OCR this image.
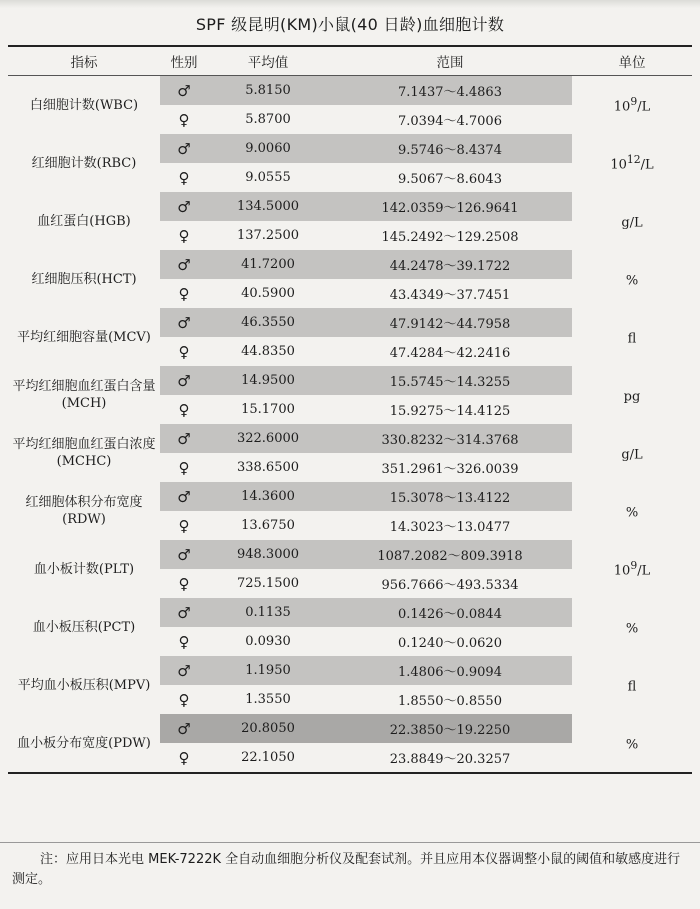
SPF 级昆明(KM)小鼠(40 日龄)血细胞计数
指标	性别	平均值	范围	单位
白细胞计数(WBC)	♂	5.8150	7.1437～4.4863	$10^9/L$
	♀	5.8700	7.0394～4.7006	
红细胞计数(RBC)	♂	9.0060	9.5746～8.4374	$10^{12}/L$
	♀	9.0555	9.5067～8.6043	
血红蛋白(HGB)	♂	134.5000	142.0359～126.9641	g/L
	♀	137.2500	145.2492～129.2508	
红细胞压积(HCT)	♂	41.7200	44.2478～39.1722	%
	♀	40.5900	43.4349～37.7451	
平均红细胞容量(MCV)	♂	46.3550	47.9142～44.7958	fl
	♀	44.8350	47.4284～42.2416	
平均红细胞血红蛋白含量(MCH)	♂	14.9500	15.5745～14.3255	pg
	♀	15.1700	15.9275～14.4125	
平均红细胞血红蛋白浓度(MCHC)	♂	322.6000	330.8232～314.3768	g/L
	♀	338.6500	351.2961～326.0039	
红细胞体积分布宽度(RDW)	♂	14.3600	15.3078～13.4122	%
	♀	13.6750	14.3023～13.0477	
血小板计数(PLT)	♂	948.3000	1087.2082～809.3918	$10^9/L$
	♀	725.1500	956.7666～493.5334	
血小板压积(PCT)	♂	0.1135	0.1426～0.0844	%
	♀	0.0930	0.1240～0.0620	
平均血小板压积(MPV)	♂	1.1950	1.4806～0.9094	fl
	♀	1.3550	1.8550～0.8550	
血小板分布宽度(PDW)	♂	20.8050	22.3850～19.2250	%
	♀	22.1050	23.8849～20.3257	
注：应用日本光电 MEK-7222K 全自动血细胞分析仪及配套试剂。并且应用本仪器调整小鼠的阈值和敏感度进行测定。
